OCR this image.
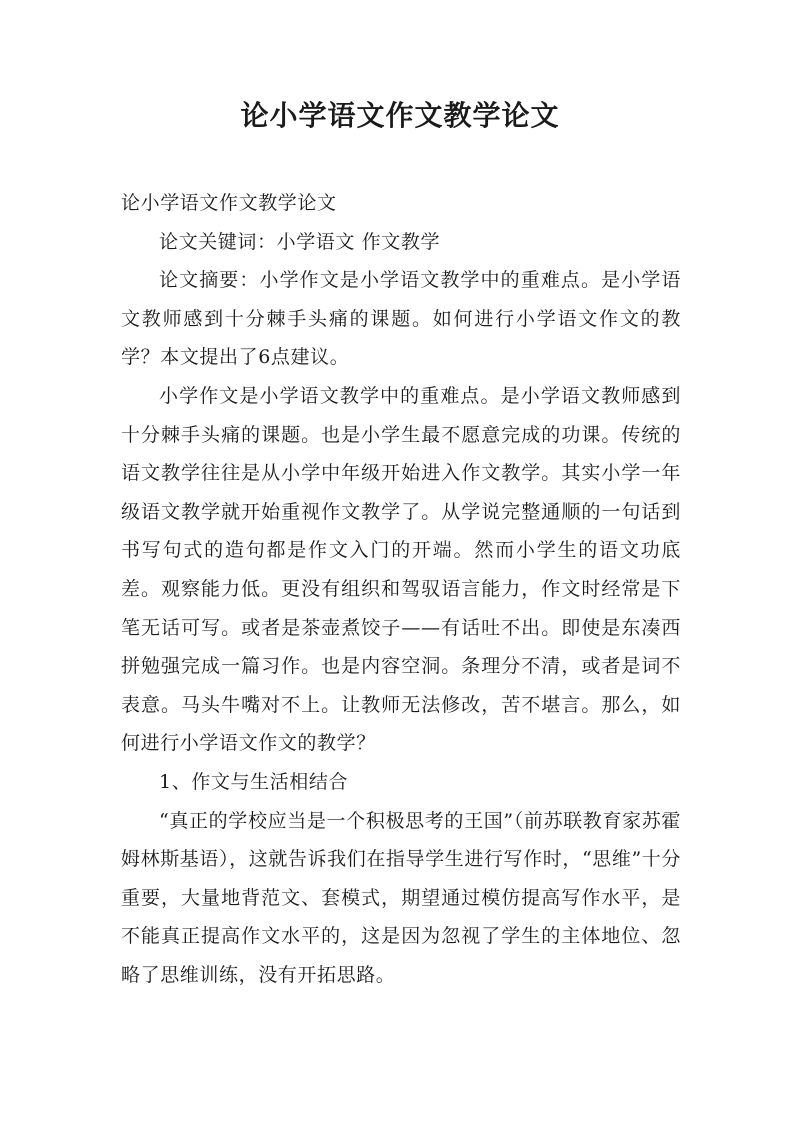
论小学语文作文教学论文

论小学语文作文教学论文

论文关键词：小学语文 作文教学

论文摘要：小学作文是小学语文教学中的重难点。是小学语文教师感到十分棘手头痛的课题。如何进行小学语文作文的教学？本文提出了6点建议。

小学作文是小学语文教学中的重难点。是小学语文教师感到十分棘手头痛的课题。也是小学生最不愿意完成的功课。传统的语文教学往往是从小学中年级开始进入作文教学。其实小学一年级语文教学就开始重视作文教学了。从学说完整通顺的一句话到书写句式的造句都是作文入门的开端。然而小学生的语文功底差。观察能力低。更没有组织和驾驭语言能力，作文时经常是下笔无话可写。或者是茶壶煮饺子——有话吐不出。即使是东凑西拼勉强完成一篇习作。也是内容空洞。条理分不清，或者是词不表意。马头牛嘴对不上。让教师无法修改，苦不堪言。那么，如何进行小学语文作文的教学？

1、作文与生活相结合

“真正的学校应当是一个积极思考的王国”（前苏联教育家苏霍姆林斯基语），这就告诉我们在指导学生进行写作时，“思维”十分重要，大量地背范文、套模式，期望通过模仿提高写作水平，是不能真正提高作文水平的，这是因为忽视了学生的主体地位、忽略了思维训练，没有开拓思路。
